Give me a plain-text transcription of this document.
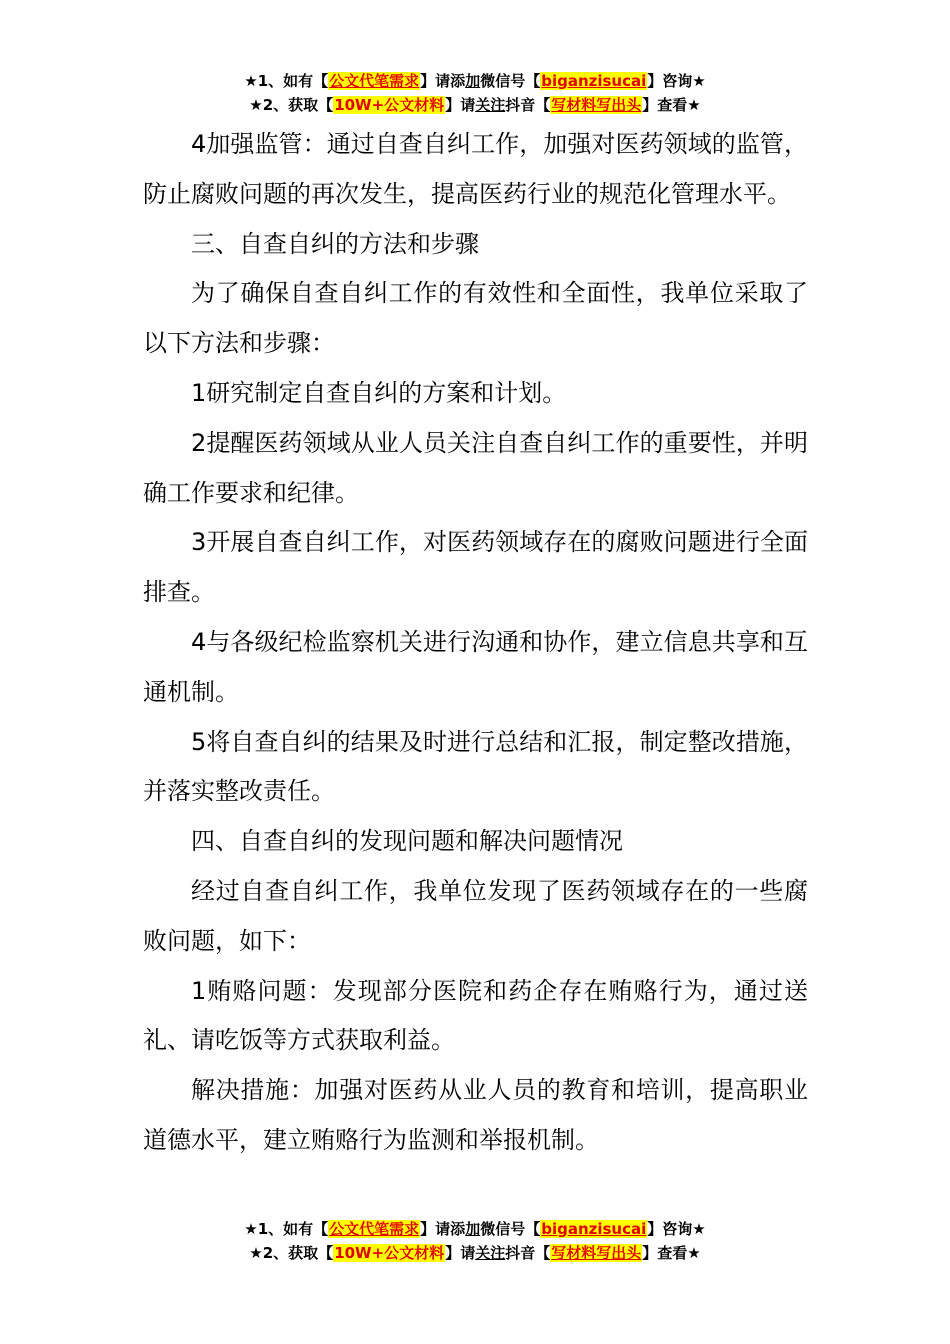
★1、如有【公文代笔需求】请添加微信号【biganzisucai】咨询★
★2、获取【10W+公文材料】请关注抖音【写材料写出头】查看★

4加强监管：通过自查自纠工作，加强对医药领域的监管，防止腐败问题的再次发生，提高医药行业的规范化管理水平。

三、自查自纠的方法和步骤

为了确保自查自纠工作的有效性和全面性，我单位采取了以下方法和步骤：

1研究制定自查自纠的方案和计划。

2提醒医药领域从业人员关注自查自纠工作的重要性，并明确工作要求和纪律。

3开展自查自纠工作，对医药领域存在的腐败问题进行全面排查。

4与各级纪检监察机关进行沟通和协作，建立信息共享和互通机制。

5将自查自纠的结果及时进行总结和汇报，制定整改措施，并落实整改责任。

四、自查自纠的发现问题和解决问题情况

经过自查自纠工作，我单位发现了医药领域存在的一些腐败问题，如下：

1贿赂问题：发现部分医院和药企存在贿赂行为，通过送礼、请吃饭等方式获取利益。

解决措施：加强对医药从业人员的教育和培训，提高职业道德水平，建立贿赂行为监测和举报机制。

★1、如有【公文代笔需求】请添加微信号【biganzisucai】咨询★
★2、获取【10W+公文材料】请关注抖音【写材料写出头】查看★
